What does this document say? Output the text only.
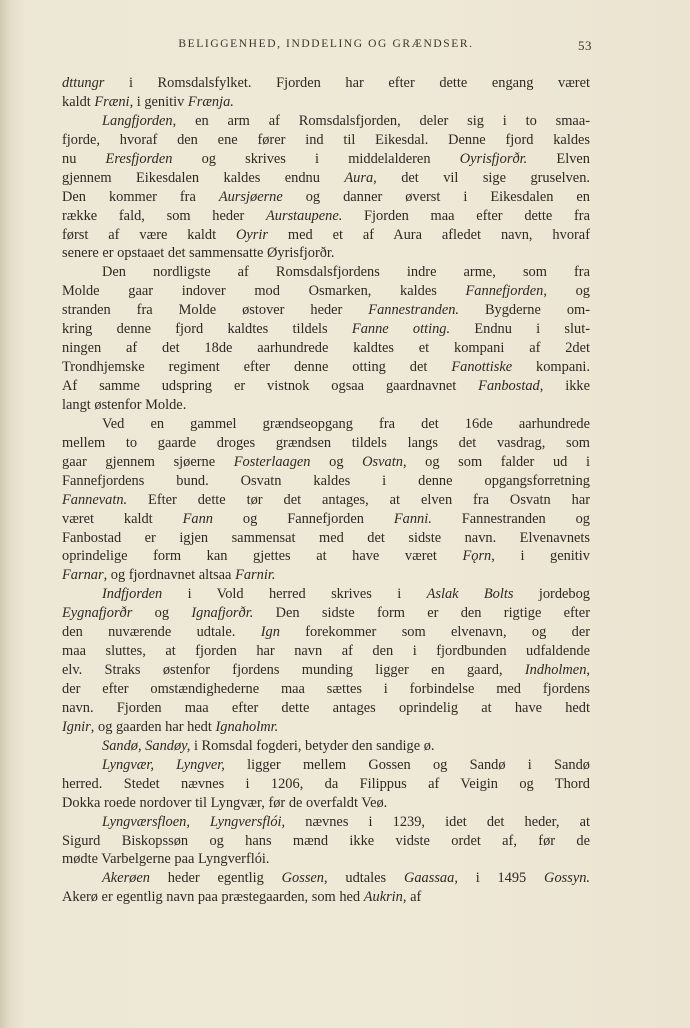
BELIGGENHED, INDDELING OG GRÆNDSER.	53
dttungr i Romsdalsfylket. Fjorden har efter dette engang været
kaldt Fræni, i genitiv Frænja.
Langfjorden, en arm af Romsdalsfjorden, deler sig i to smaa-
fjorde, hvoraf den ene fører ind til Eikesdal. Denne fjord kaldes
nu Eresfjorden og skrives i middelalderen Oyrisfjorðr. Elven
gjennem Eikesdalen kaldes endnu Aura, det vil sige gruselven.
Den kommer fra Aursjøerne og danner øverst i Eikesdalen en
række fald, som heder Aurstaupene. Fjorden maa efter dette fra
først af være kaldt Oyrir med et af Aura afledet navn, hvoraf
senere er opstaaet det sammensatte Øyrisfjorðr.
Den nordligste af Romsdalsfjordens indre arme, som fra
Molde gaar indover mod Osmarken, kaldes Fannefjorden, og
stranden fra Molde østover heder Fannestranden. Bygderne om-
kring denne fjord kaldtes tildels Fanne otting. Endnu i slut-
ningen af det 18de aarhundrede kaldtes et kompani af 2det
Trondhjemske regiment efter denne otting det Fanottiske kompani.
Af samme udspring er vistnok ogsaa gaardnavnet Fanbostad, ikke
langt østenfor Molde.
Ved en gammel grændseopgang fra det 16de aarhundrede
mellem to gaarde droges grændsen tildels langs det vasdrag, som
gaar gjennem sjøerne Fosterlaagen og Osvatn, og som falder ud i
Fannefjordens bund. Osvatn kaldes i denne opgangsforretning
Fannevatn. Efter dette tør det antages, at elven fra Osvatn har
været kaldt Fann og Fannefjorden Fanni. Fannestranden og
Fanbostad er igjen sammensat med det sidste navn. Elvenavnets
oprindelige form kan gjettes at have været Fǫrn, i genitiv
Farnar, og fjordnavnet altsaa Farnir.
Indfjorden i Vold herred skrives i Aslak Bolts jordebog
Eygnafjorðr og Ignafjorðr. Den sidste form er den rigtige efter
den nuværende udtale. Ign forekommer som elvenavn, og der
maa sluttes, at fjorden har navn af den i fjordbunden udfaldende
elv. Straks østenfor fjordens munding ligger en gaard, Indholmen,
der efter omstændighederne maa sættes i forbindelse med fjordens
navn. Fjorden maa efter dette antages oprindelig at have hedt
Ignir, og gaarden har hedt Ignaholmr.
Sandø, Sandøy, i Romsdal fogderi, betyder den sandige ø.
Lyngvær, Lyngver, ligger mellem Gossen og Sandø i Sandø
herred. Stedet nævnes i 1206, da Filippus af Veigin og Thord
Dokka roede nordover til Lyngvær, før de overfaldt Veø.
Lyngværsfloen, Lyngversflói, nævnes i 1239, idet det heder, at
Sigurd Biskopssøn og hans mænd ikke vidste ordet af, før de
mødte Varbelgerne paa Lyngverflói.
Akerøen heder egentlig Gossen, udtales Gaassaa, i 1495 Gossyn.
Akerø er egentlig navn paa præstegaarden, som hed Aukrin, af
